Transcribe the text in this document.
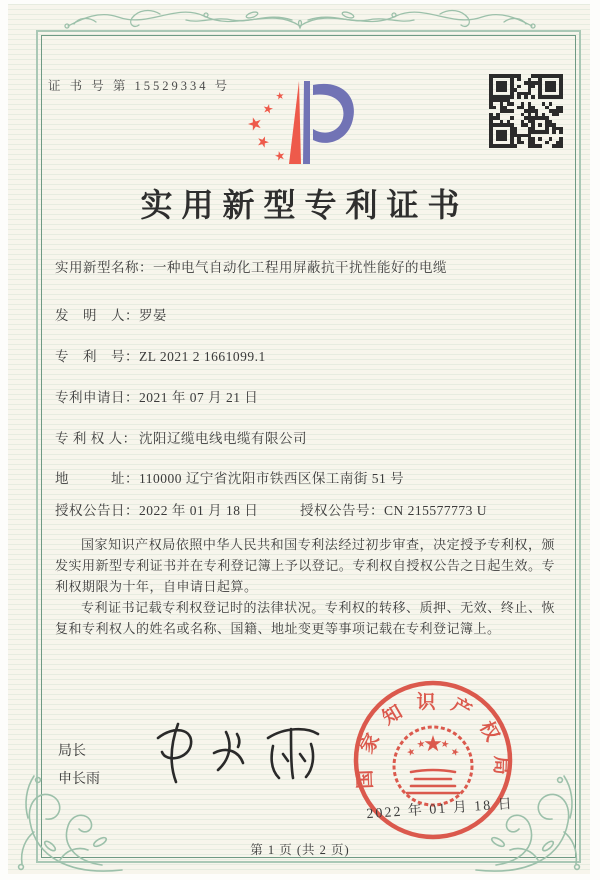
证 书 号 第 15529334 号
实用新型专利证书
实用新型名称：一种电气自动化工程用屏蔽抗干扰性能好的电缆
发　明　人：罗晏
专　利　号：ZL 2021 2 1661099.1
专利申请日：2021 年 07 月 21 日
专 利 权 人： 沈阳辽缆电线电缆有限公司
地　　　址：110000 辽宁省沈阳市铁西区保工南街 51 号
授权公告日：2022 年 01 月 18 日	授权公告号：CN 215577773 U

国家知识产权局依照中华人民共和国专利法经过初步审查，决定授予专利权，颁发实用新型专利证书并在专利登记簿上予以登记。专利权自授权公告之日起生效。专利权期限为十年，自申请日起算。

专利证书记载专利权登记时的法律状况。专利权的转移、质押、无效、终止、恢复和专利权人的姓名或名称、国籍、地址变更等事项记载在专利登记簿上。

局长
申长雨	国家知识产权局
2022 年 01 月 18 日
第 1 页 (共 2 页)
